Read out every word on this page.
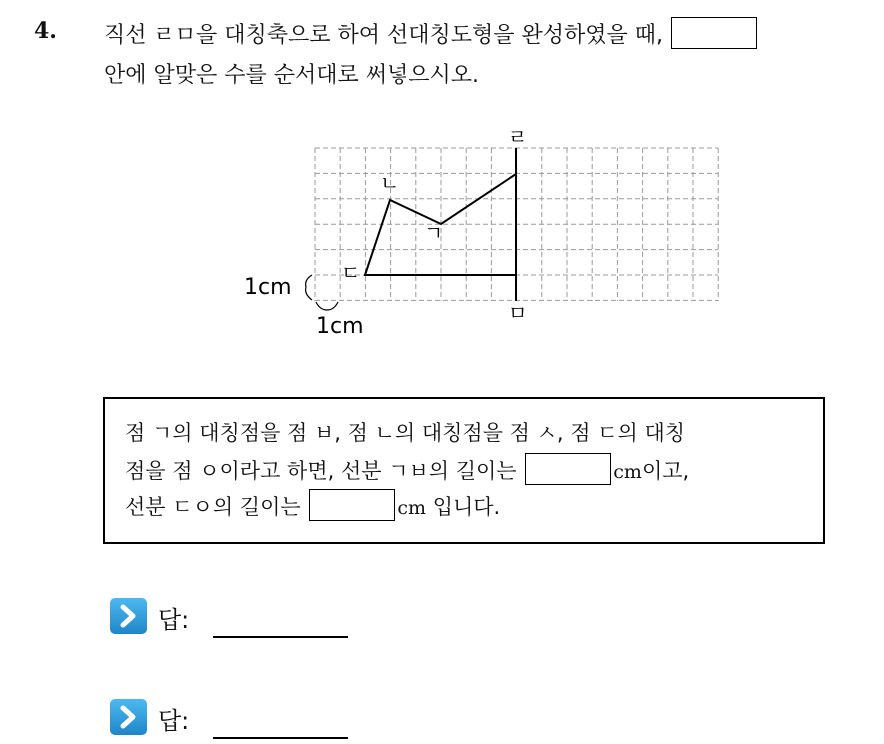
4. 직선 ㄹㅁ을 대칭축으로 하여 선대칭도형을 완성하였을 때,
안에 알맞은 수를 순서대로 써넣으시오.
ㄹ
ㅁ
ㄴ
ㄱ
ㄷ
1cm
1cm
점 ㄱ의 대칭점을 점 ㅂ, 점 ㄴ의 대칭점을 점 ㅅ, 점 ㄷ의 대칭
점을 점 ㅇ이라고 하면, 선분 ㄱㅂ의 길이는	cm이고,
선분 ㄷㅇ의 길이는	cm 입니다.
답:
답:
